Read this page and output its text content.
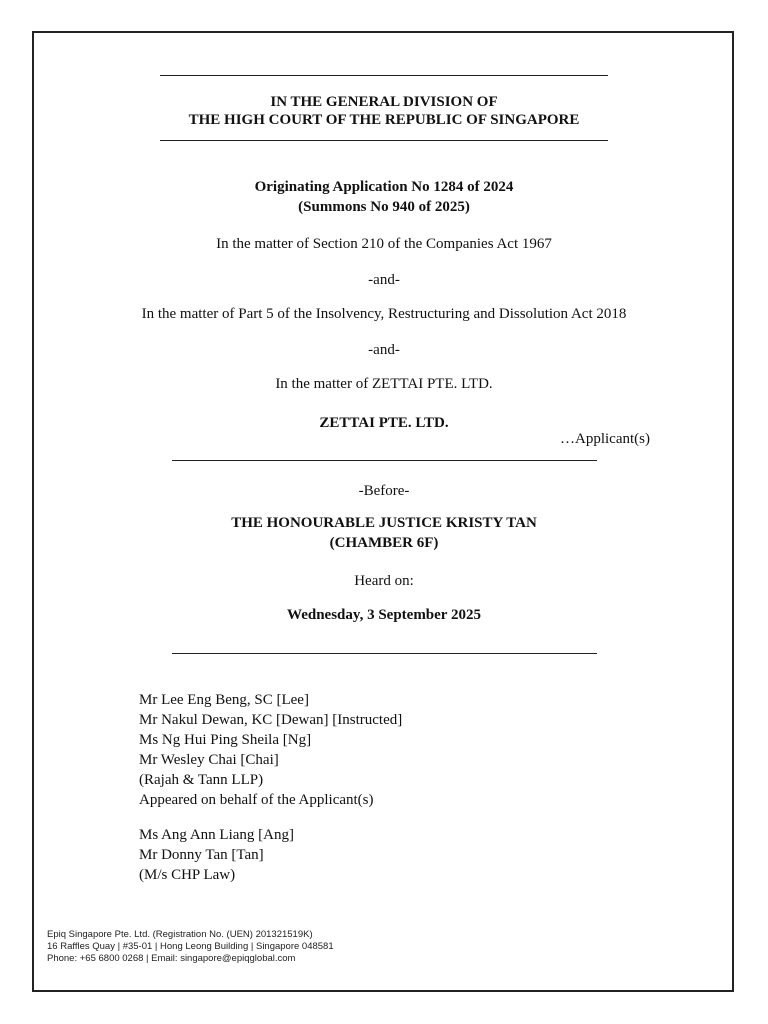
IN THE GENERAL DIVISION OF
THE HIGH COURT OF THE REPUBLIC OF SINGAPORE
Originating Application No 1284 of 2024
(Summons No 940 of 2025)
In the matter of Section 210 of the Companies Act 1967
-and-
In the matter of Part 5 of the Insolvency, Restructuring and Dissolution Act 2018
-and-
In the matter of ZETTAI PTE. LTD.
ZETTAI PTE. LTD.
…Applicant(s)
-Before-
THE HONOURABLE JUSTICE KRISTY TAN
(CHAMBER 6F)
Heard on:
Wednesday, 3 September 2025
Mr Lee Eng Beng, SC [Lee]
Mr Nakul Dewan, KC [Dewan] [Instructed]
Ms Ng Hui Ping Sheila [Ng]
Mr Wesley Chai [Chai]
(Rajah & Tann LLP)
Appeared on behalf of the Applicant(s)
Ms Ang Ann Liang [Ang]
Mr Donny Tan [Tan]
(M/s CHP Law)
Epiq Singapore Pte. Ltd. (Registration No. (UEN) 201321519K)
16 Raffles Quay | #35-01 | Hong Leong Building | Singapore 048581
Phone: +65 6800 0268 | Email: singapore@epiqglobal.com
